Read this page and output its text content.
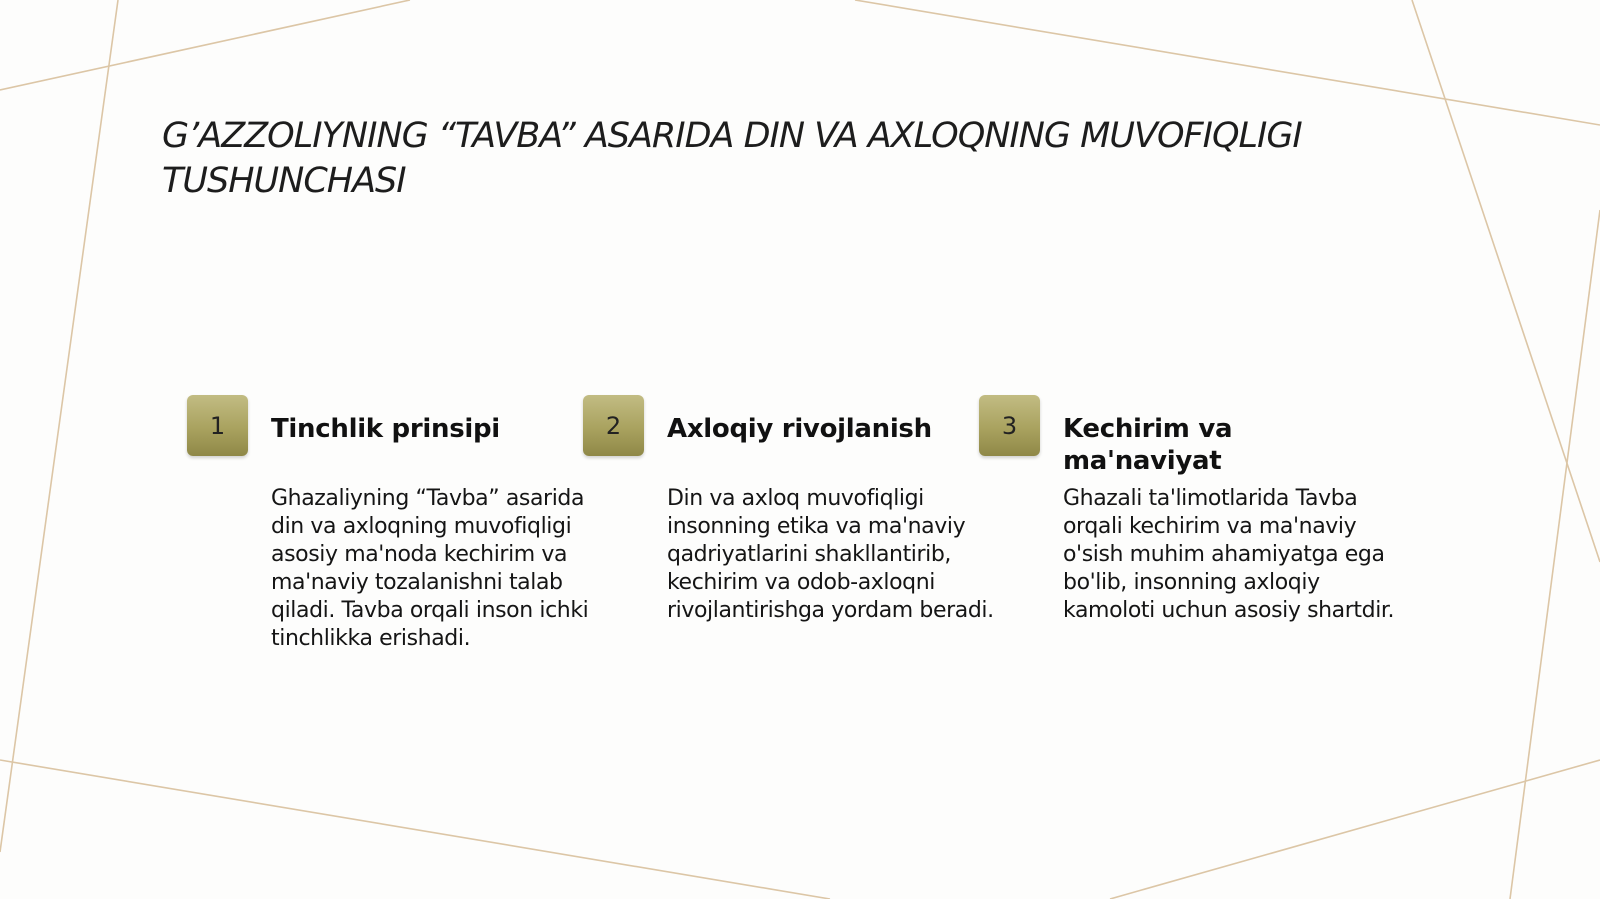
G’AZZOLIYNING “TAVBA” ASARIDA DIN VA AXLOQNING MUVOFIQLIGI TUSHUNCHASI
1	Tinchlik prinsipi

Ghazaliyning “Tavba” asarida din va axloqning muvofiqligi asosiy ma'noda kechirim va ma'naviy tozalanishni talab qiladi. Tavba orqali inson ichki tinchlikka erishadi.

2	Axloqiy rivojlanish

Din va axloq muvofiqligi insonning etika va ma'naviy qadriyatlarini shakllantirib, kechirim va odob-axloqni rivojlantirishga yordam beradi.

3	Kechirim va ma'naviyat

Ghazali ta'limotlarida Tavba orqali kechirim va ma'naviy o'sish muhim ahamiyatga ega bo'lib, insonning axloqiy kamoloti uchun asosiy shartdir.
